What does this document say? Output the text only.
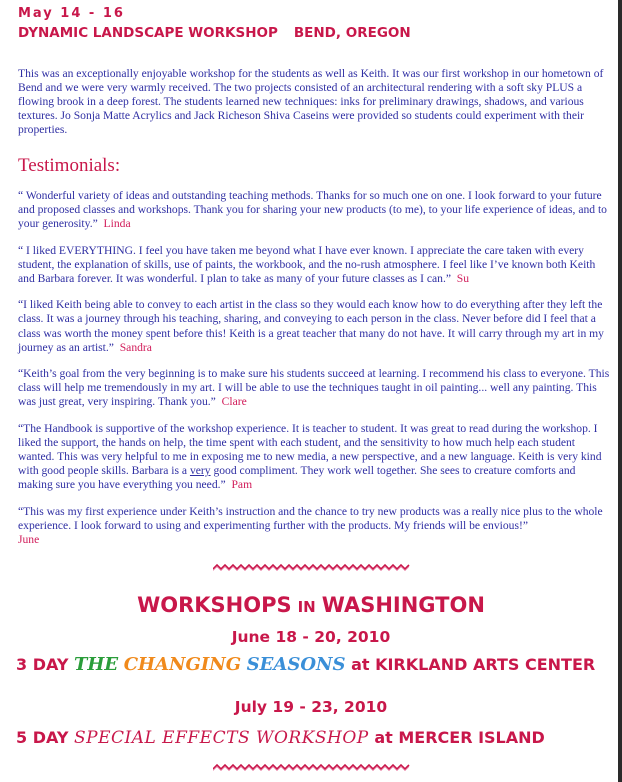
May 14 - 16
DYNAMIC LANDSCAPE WORKSHOP BEND, OREGON
This was an exceptionally enjoyable workshop for the students as well as Keith. It was our first workshop in our hometown of Bend and we were very warmly received. The two projects consisted of an architectural rendering with a soft sky PLUS a flowing brook in a deep forest. The students learned new techniques: inks for preliminary drawings, shadows, and various textures. Jo Sonja Matte Acrylics and Jack Richeson Shiva Caseins were provided so students could experiment with their properties.
Testimonials:

“ Wonderful variety of ideas and outstanding teaching methods. Thanks for so much one on one. I look forward to your future and proposed classes and workshops. Thank you for sharing your new products (to me), to your life experience of ideas, and to your generosity.” Linda

“ I liked EVERYTHING. I feel you have taken me beyond what I have ever known. I appreciate the care taken with every student, the explanation of skills, use of paints, the workbook, and the no-rush atmosphere. I feel like I’ve known both Keith and Barbara forever. It was wonderful. I plan to take as many of your future classes as I can.” Su

“I liked Keith being able to convey to each artist in the class so they would each know how to do everything after they left the class. It was a journey through his teaching, sharing, and conveying to each person in the class. Never before did I feel that a class was worth the money spent before this! Keith is a great teacher that many do not have. It will carry through my art in my journey as an artist.” Sandra

“Keith’s goal from the very beginning is to make sure his students succeed at learning. I recommend his class to everyone. This class will help me tremendously in my art. I will be able to use the techniques taught in oil painting... well any painting. This was just great, very inspiring. Thank you.” Clare

“The Handbook is supportive of the workshop experience. It is teacher to student. It was great to read during the workshop. I liked the support, the hands on help, the time spent with each student, and the sensitivity to how much help each student wanted. This was very helpful to me in exposing me to new media, a new perspective, and a new language. Keith is very kind with good people skills. Barbara is a very good compliment. They work well together. She sees to creature comforts and making sure you have everything you need.” Pam

“This was my first experience under Keith’s instruction and the chance to try new products was a really nice plus to the whole experience. I look forward to using and experimenting further with the products. My friends will be envious!”
June

WORKSHOPS IN WASHINGTON
June 18 - 20, 2010
3 DAY THE CHANGING SEASONS at KIRKLAND ARTS CENTER
July 19 - 23, 2010
5 DAY SPECIAL EFFECTS WORKSHOP at MERCER ISLAND
